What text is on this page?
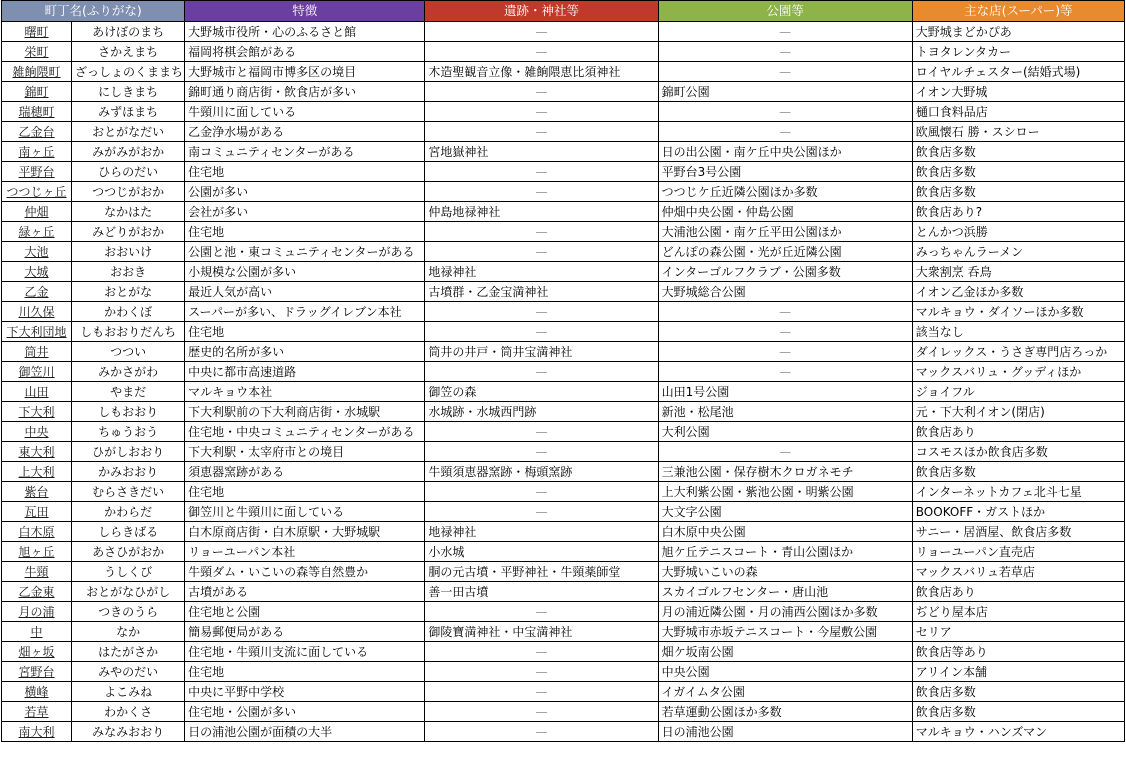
町丁名(ふりがな)		特徴	遺跡・神社等	公園等	主な店(スーパー)等
曙町	あけぼのまち	大野城市役所・心のふるさと館	—	—	大野城まどかぴあ
栄町	さかえまち	福岡将棋会館がある	—	—	トヨタレンタカー
雑餉隈町	ざっしょのくままち	大野城市と福岡市博多区の境目	木造聖観音立像・雑餉隈恵比須神社	—	ロイヤルチェスター(結婚式場)
錦町	にしきまち	錦町通り商店街・飲食店が多い	—	錦町公園	イオン大野城
瑞穂町	みずほまち	牛頸川に面している	—	—	樋口食料品店
乙金台	おとがなだい	乙金浄水場がある	—	—	欧風懐石 勝・スシロー
南ヶ丘	みがみがおか	南コミュニティセンターがある	宮地嶽神社	日の出公園・南ケ丘中央公園ほか	飲食店多数
平野台	ひらのだい	住宅地	—	平野台3号公園	飲食店多数
つつじヶ丘	つつじがおか	公園が多い	—	つつじケ丘近隣公園ほか多数	飲食店多数
仲畑	なかはた	会社が多い	仲島地禄神社	仲畑中央公園・仲島公園	飲食店あり?
緑ヶ丘	みどりがおか	住宅地	—	大浦池公園・南ケ丘平田公園ほか	とんかつ浜勝
大池	おおいけ	公園と池・東コミュニティセンターがある	—	どんぽの森公園・光が丘近隣公園	みっちゃんラーメン
大城	おおき	小規模な公園が多い	地禄神社	インターゴルフクラブ・公園多数	大衆割烹 呑鳥
乙金	おとがな	最近人気が高い	古墳群・乙金宝満神社	大野城総合公園	イオン乙金ほか多数
川久保	かわくぼ	スーパーが多い、ドラッグイレブン本社	—	—	マルキョウ・ダイソーほか多数
下大利団地	しもおおりだんち	住宅地	—	—	該当なし
筒井	つつい	歴史的名所が多い	筒井の井戸・筒井宝満神社	—	ダイレックス・うさぎ専門店ろっか
御笠川	みかさがわ	中央に都市高速道路	—	—	マックスバリュ・グッディほか
山田	やまだ	マルキョウ本社	御笠の森	山田1号公園	ジョイフル
下大利	しもおおり	下大利駅前の下大利商店街・水城駅	水城跡・水城西門跡	新池・松尾池	元・下大利イオン(閉店)
中央	ちゅうおう	住宅地・中央コミュニティセンターがある	—	大利公園	飲食店あり
東大利	ひがしおおり	下大利駅・太宰府市との境目	—	—	コスモスほか飲食店多数
上大利	かみおおり	須恵器窯跡がある	牛頸須恵器窯跡・梅頭窯跡	三兼池公園・保存樹木クロガネモチ	飲食店多数
紫台	むらさきだい	住宅地	—	上大利紫公園・紫池公園・明紫公園	インターネットカフェ北斗七星
瓦田	かわらだ	御笠川と牛頸川に面している	—	大文字公園	BOOKOFF・ガストほか
白木原	しらきばる	白木原商店街・白木原駅・大野城駅	地禄神社	白木原中央公園	サニー・居酒屋、飲食店多数
旭ヶ丘	あさひがおか	リョーユーパン本社	小水城	旭ケ丘テニスコート・青山公園ほか	リョーユーパン直売店
牛頸	うしくび	牛頸ダム・いこいの森等自然豊か	胴の元古墳・平野神社・牛頸薬師堂	大野城いこいの森	マックスバリュ若草店
乙金東	おとがなひがし	古墳がある	善一田古墳	スカイゴルフセンター・唐山池	飲食店あり
月の浦	つきのうら	住宅地と公園	—	月の浦近隣公園・月の浦西公園ほか多数	ぢどり屋本店
中	なか	簡易郵便局がある	御陵寶満神社・中宝満神社	大野城市赤坂テニスコート・今屋敷公園	セリア
畑ヶ坂	はたがさか	住宅地・牛頸川支流に面している	—	畑ケ坂南公園	飲食店等あり
宮野台	みやのだい	住宅地	—	中央公園	アリイン本舗
横峰	よこみね	中央に平野中学校	—	イガイムタ公園	飲食店多数
若草	わかくさ	住宅地・公園が多い	—	若草運動公園ほか多数	飲食店多数
南大利	みなみおおり	日の浦池公園が面積の大半	—	日の浦池公園	マルキョウ・ハンズマン
